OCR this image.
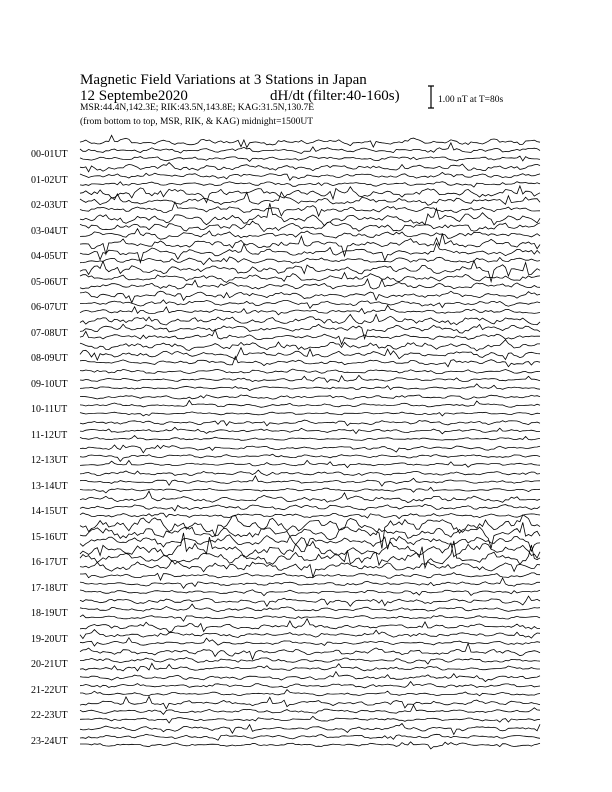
Magnetic Field Variations at 3 Stations in Japan
12 Septembe2020	dH/dt (filter:40-160s)
MSR:44.4N,142.3E; RIK:43.5N,143.8E; KAG:31.5N,130.7E
(from bottom to top, MSR, RIK, & KAG) midnight=1500UT
1.00 nT at T=80s
00-01UT
01-02UT
02-03UT
03-04UT
04-05UT
05-06UT
06-07UT
07-08UT
08-09UT
09-10UT
10-11UT
11-12UT
12-13UT
13-14UT
14-15UT
15-16UT
16-17UT
17-18UT
18-19UT
19-20UT
20-21UT
21-22UT
22-23UT
23-24UT
